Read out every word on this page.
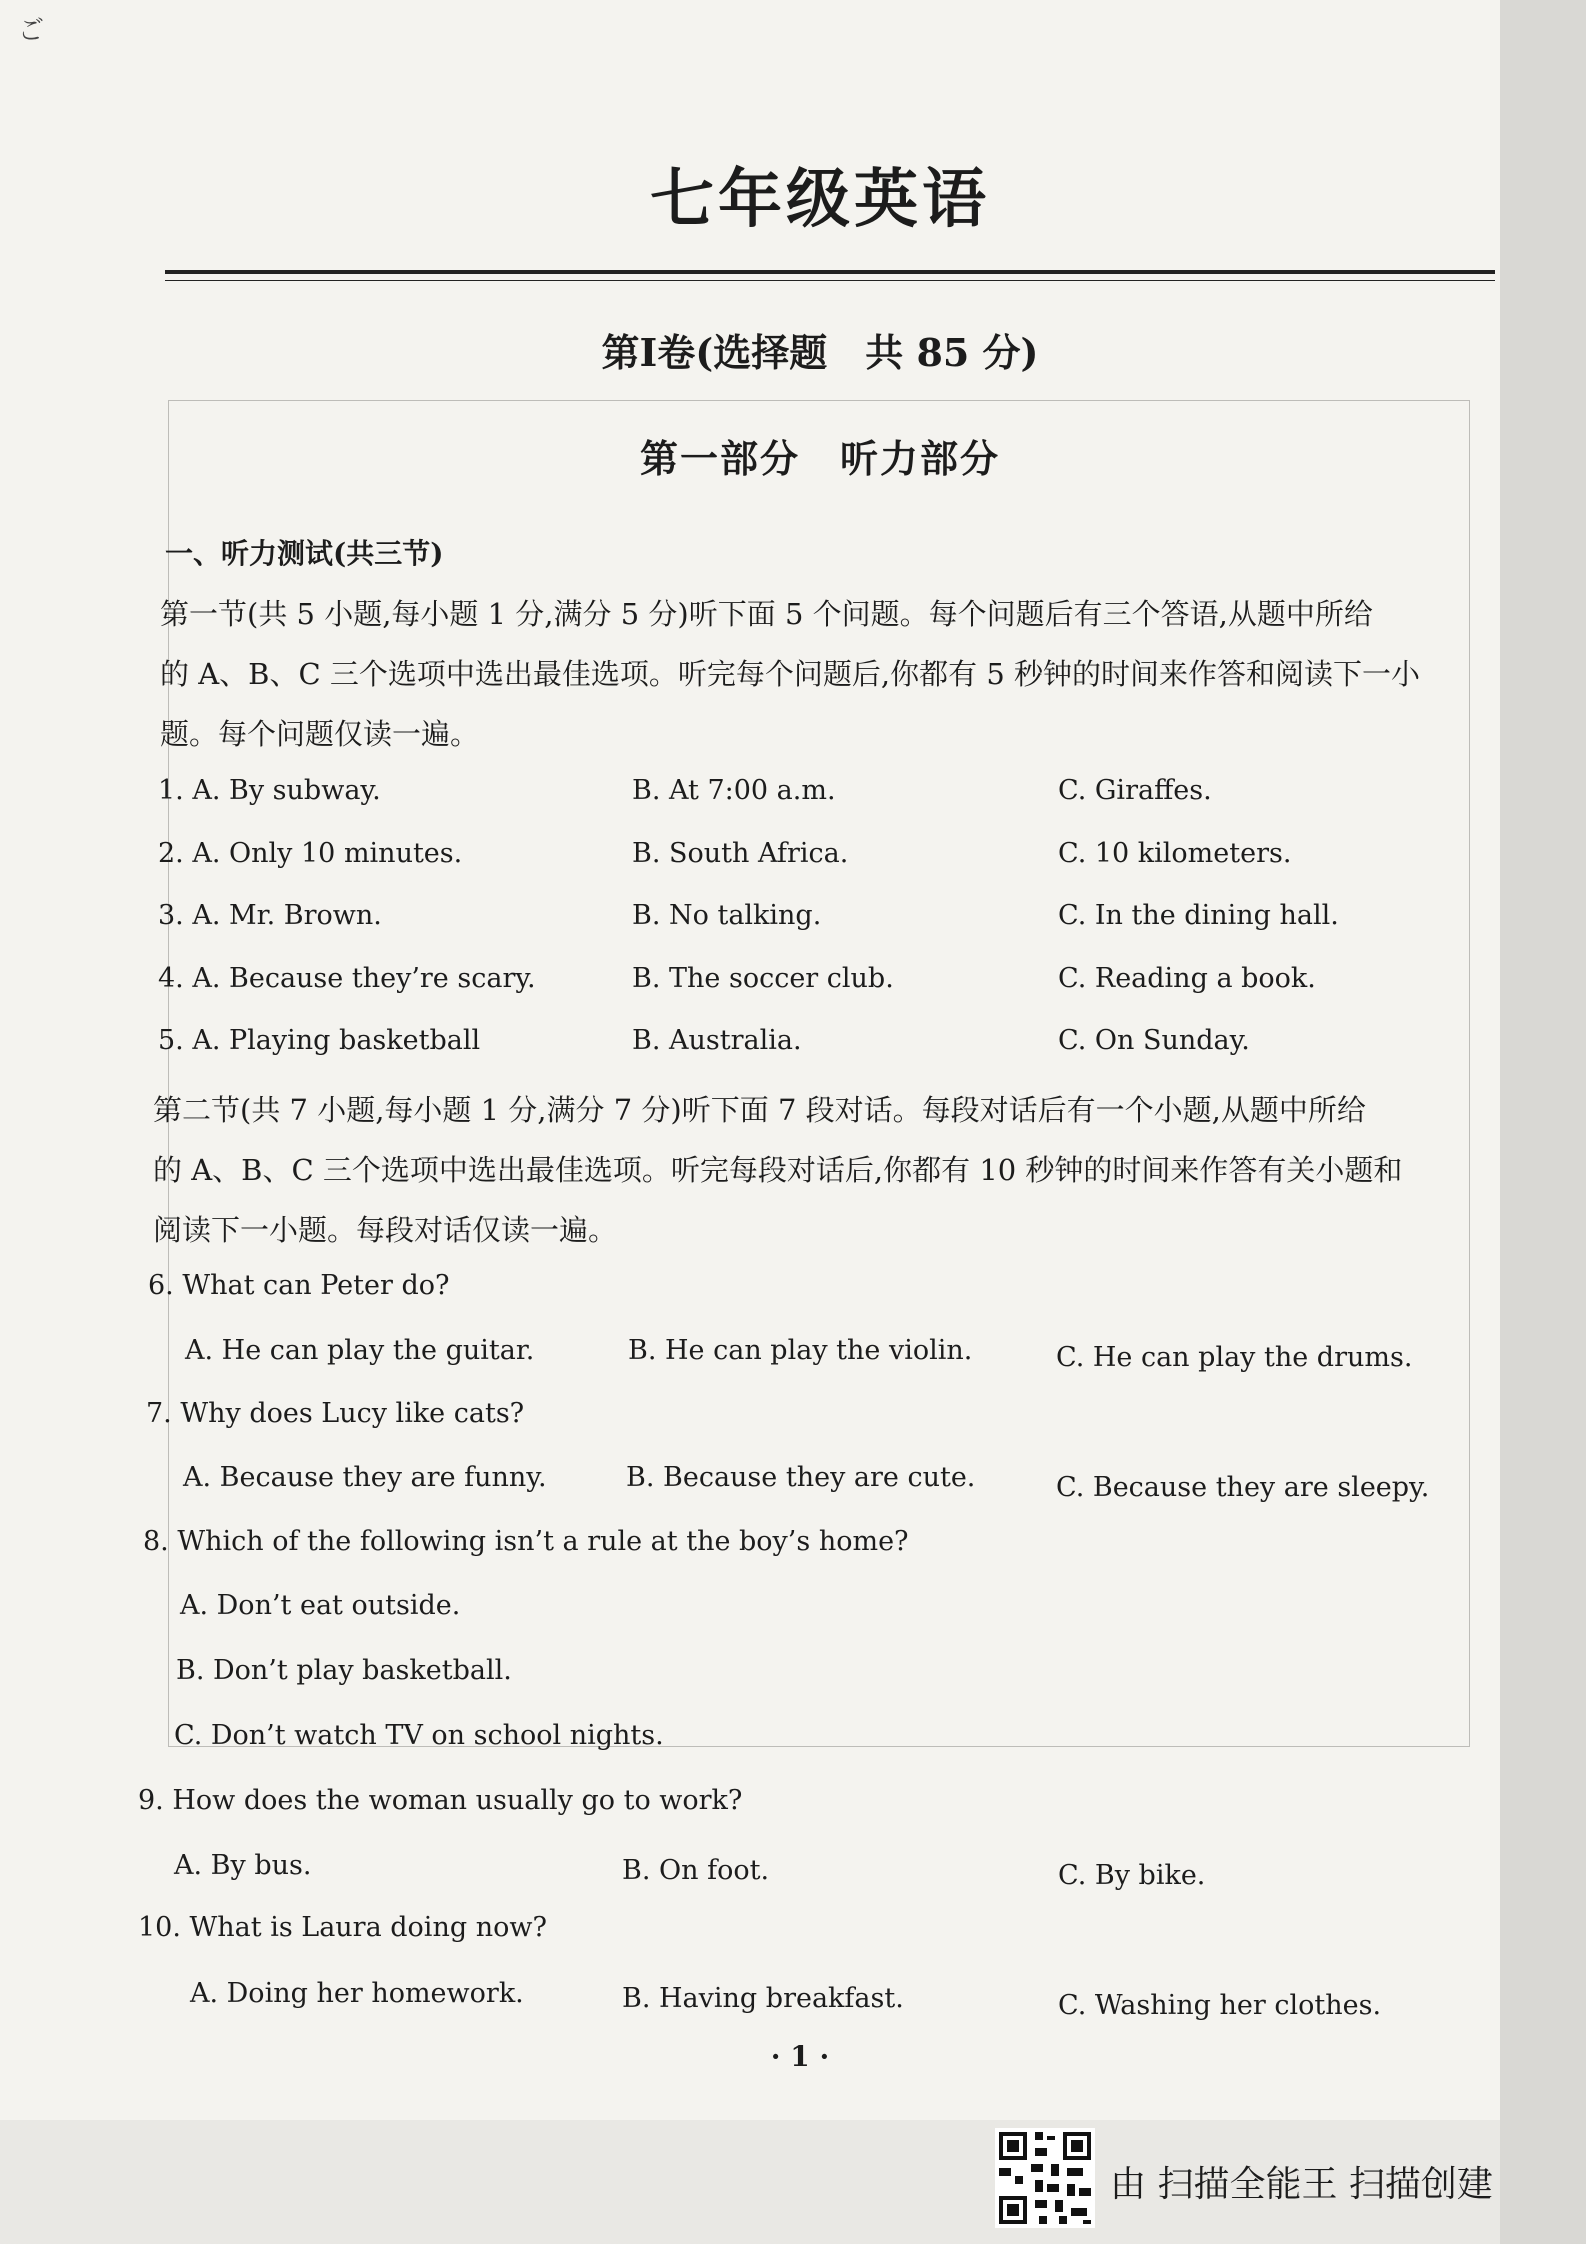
ご
七年级英语
第Ⅰ卷(选择题　共 85 分)
第一部分　听力部分
一、听力测试(共三节)
第一节(共 5 小题,每小题 1 分,满分 5 分)听下面 5 个问题。每个问题后有三个答语,从题中所给
的 A、B、C 三个选项中选出最佳选项。听完每个问题后,你都有 5 秒钟的时间来作答和阅读下一小
题。每个问题仅读一遍。
1. A. By subway.	B. At 7:00 a.m.	C. Giraffes.
2. A. Only 10 minutes.	B. South Africa.	C. 10 kilometers.
3. A. Mr. Brown.	B. No talking.	C. In the dining hall.
4. A. Because they’re scary.	B. The soccer club.	C. Reading a book.
5. A. Playing basketball	B. Australia.	C. On Sunday.
第二节(共 7 小题,每小题 1 分,满分 7 分)听下面 7 段对话。每段对话后有一个小题,从题中所给
的 A、B、C 三个选项中选出最佳选项。听完每段对话后,你都有 10 秒钟的时间来作答有关小题和
阅读下一小题。每段对话仅读一遍。
6. What can Peter do?
A. He can play the guitar.	B. He can play the violin.	C. He can play the drums.
7. Why does Lucy like cats?
A. Because they are funny.	B. Because they are cute.	C. Because they are sleepy.
8. Which of the following isn’t a rule at the boy’s home?
A. Don’t eat outside.
B. Don’t play basketball.
C. Don’t watch TV on school nights.
9. How does the woman usually go to work?
A. By bus.	B. On foot.	C. By bike.
10. What is Laura doing now?
A. Doing her homework.	B. Having breakfast.	C. Washing her clothes.
· 1 ·
由 扫描全能王 扫描创建
